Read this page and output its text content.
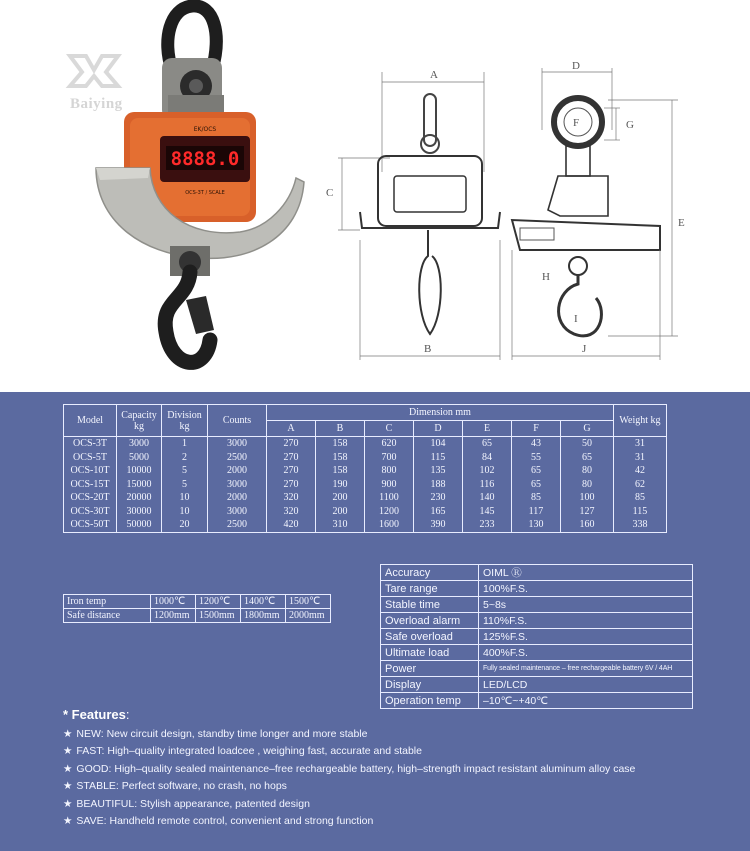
8888.0
EK/OCS
OCS-3T / SCALE
Baiying
A
C
B
D
F	G
E
H
I
J
Model	Capacity kg	Division kg	Counts	Dimension mm							Weight kg
				A	B	C	D	E	F	G	
OCS-3T	3000	1	3000	270	158	620	104	65	43	50	31
OCS-5T	5000	2	2500	270	158	700	115	84	55	65	31
OCS-10T	10000	5	2000	270	158	800	135	102	65	80	42
OCS-15T	15000	5	3000	270	190	900	188	116	65	80	62
OCS-20T	20000	10	2000	320	200	1100	230	140	85	100	85
OCS-30T	30000	10	3000	320	200	1200	165	145	117	127	115
OCS-50T	50000	20	2500	420	310	1600	390	233	130	160	338
Iron temp	1000℃	1200℃	1400℃	1500℃
Safe distance	1200mm	1500mm	1800mm	2000mm
Accuracy	OIML Ⓡ
Tare range	100%F.S.
Stable time	5~8s
Overload alarm	110%F.S.
Safe overload	125%F.S.
Ultimate load	400%F.S.
Power	Fully sealed maintenance – free rechargeable battery 6V / 4AH
Display	LED/LCD
Operation temp	–10℃~+40℃
* Features:
★ NEW: New circuit design, standby time longer and more stable
★ FAST: High–quality integrated loadcee , weighing fast, accurate and stable
★ GOOD: High–quality sealed maintenance–free rechargeable battery, high–strength impact resistant aluminum alloy case
★ STABLE: Perfect software, no crash, no hops
★ BEAUTIFUL: Stylish appearance, patented design
★ SAVE: Handheld remote control, convenient and strong function
